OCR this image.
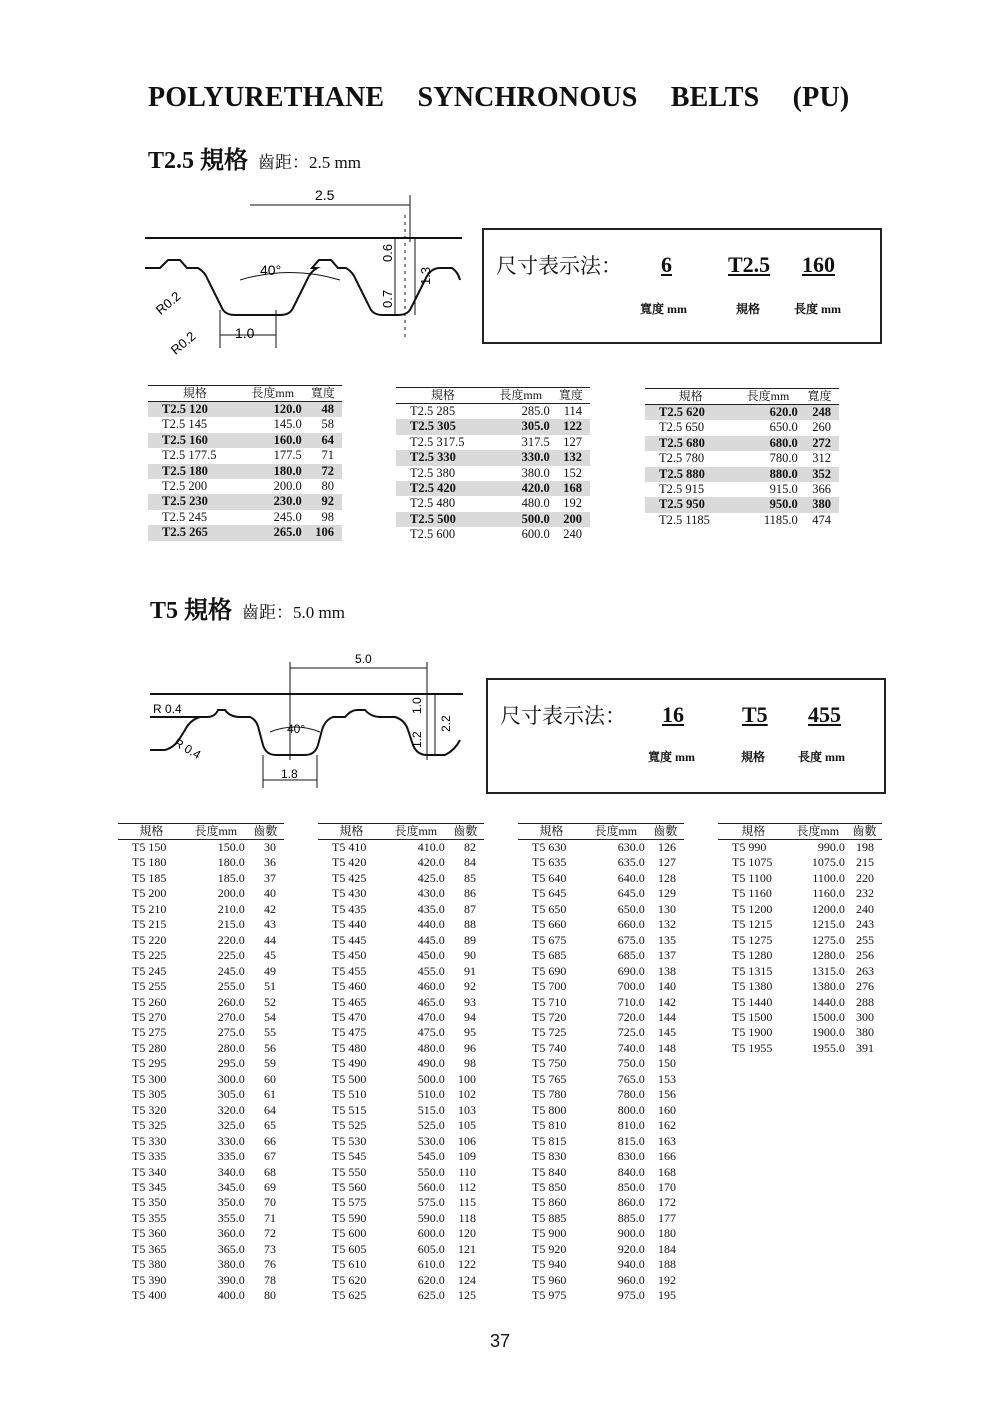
POLYURETHANE SYNCHRONOUS BELTS (PU)
T2.5 規格 齒距：2.5 mm
2.5
40°
R0.2
R0.2	1.0
0.6
0.7
1.3	尺寸表示法： 6	T2.5 160
寬度 mm	規格	長度 mm
規格	長度mm	寬度
T2.5 120	120.0	48
T2.5 145	145.0	58
T2.5 160	160.0	64
T2.5 177.5	177.5	71
T2.5 180	180.0	72
T2.5 200	200.0	80
T2.5 230	230.0	92
T2.5 245	245.0	98
T2.5 265	265.0	106
規格	長度mm	寬度
T2.5 285	285.0	114
T2.5 305	305.0	122
T2.5 317.5	317.5	127
T2.5 330	330.0	132
T2.5 380	380.0	152
T2.5 420	420.0	168
T2.5 480	480.0	192
T2.5 500	500.0	200
T2.5 600	600.0	240
規格	長度mm	寬度
T2.5 620	620.0	248
T2.5 650	650.0	260
T2.5 680	680.0	272
T2.5 780	780.0	312
T2.5 880	880.0	352
T2.5 915	915.0	366
T2.5 950	950.0	380
T2.5 1185	1185.0	474
T5 規格 齒距：5.0 mm
5.0
40°
R 0.4
R 0.4
1.8
1.0
1.2
2.2 尺寸表示法： 16	T5 455
寬度 mm	規格	長度 mm
規格	長度mm	齒數
T5 150	150.0	30
T5 180	180.0	36
T5 185	185.0	37
T5 200	200.0	40
T5 210	210.0	42
T5 215	215.0	43
T5 220	220.0	44
T5 225	225.0	45
T5 245	245.0	49
T5 255	255.0	51
T5 260	260.0	52
T5 270	270.0	54
T5 275	275.0	55
T5 280	280.0	56
T5 295	295.0	59
T5 300	300.0	60
T5 305	305.0	61
T5 320	320.0	64
T5 325	325.0	65
T5 330	330.0	66
T5 335	335.0	67
T5 340	340.0	68
T5 345	345.0	69
T5 350	350.0	70
T5 355	355.0	71
T5 360	360.0	72
T5 365	365.0	73
T5 380	380.0	76
T5 390	390.0	78
T5 400	400.0	80
規格	長度mm	齒數
T5 410	410.0	82
T5 420	420.0	84
T5 425	425.0	85
T5 430	430.0	86
T5 435	435.0	87
T5 440	440.0	88
T5 445	445.0	89
T5 450	450.0	90
T5 455	455.0	91
T5 460	460.0	92
T5 465	465.0	93
T5 470	470.0	94
T5 475	475.0	95
T5 480	480.0	96
T5 490	490.0	98
T5 500	500.0	100
T5 510	510.0	102
T5 515	515.0	103
T5 525	525.0	105
T5 530	530.0	106
T5 545	545.0	109
T5 550	550.0	110
T5 560	560.0	112
T5 575	575.0	115
T5 590	590.0	118
T5 600	600.0	120
T5 605	605.0	121
T5 610	610.0	122
T5 620	620.0	124
T5 625	625.0	125
規格	長度mm	齒數
T5 630	630.0	126
T5 635	635.0	127
T5 640	640.0	128
T5 645	645.0	129
T5 650	650.0	130
T5 660	660.0	132
T5 675	675.0	135
T5 685	685.0	137
T5 690	690.0	138
T5 700	700.0	140
T5 710	710.0	142
T5 720	720.0	144
T5 725	725.0	145
T5 740	740.0	148
T5 750	750.0	150
T5 765	765.0	153
T5 780	780.0	156
T5 800	800.0	160
T5 810	810.0	162
T5 815	815.0	163
T5 830	830.0	166
T5 840	840.0	168
T5 850	850.0	170
T5 860	860.0	172
T5 885	885.0	177
T5 900	900.0	180
T5 920	920.0	184
T5 940	940.0	188
T5 960	960.0	192
T5 975	975.0	195
規格	長度mm	齒數
T5 990	990.0	198
T5 1075	1075.0	215
T5 1100	1100.0	220
T5 1160	1160.0	232
T5 1200	1200.0	240
T5 1215	1215.0	243
T5 1275	1275.0	255
T5 1280	1280.0	256
T5 1315	1315.0	263
T5 1380	1380.0	276
T5 1440	1440.0	288
T5 1500	1500.0	300
T5 1900	1900.0	380
T5 1955	1955.0	391
37
